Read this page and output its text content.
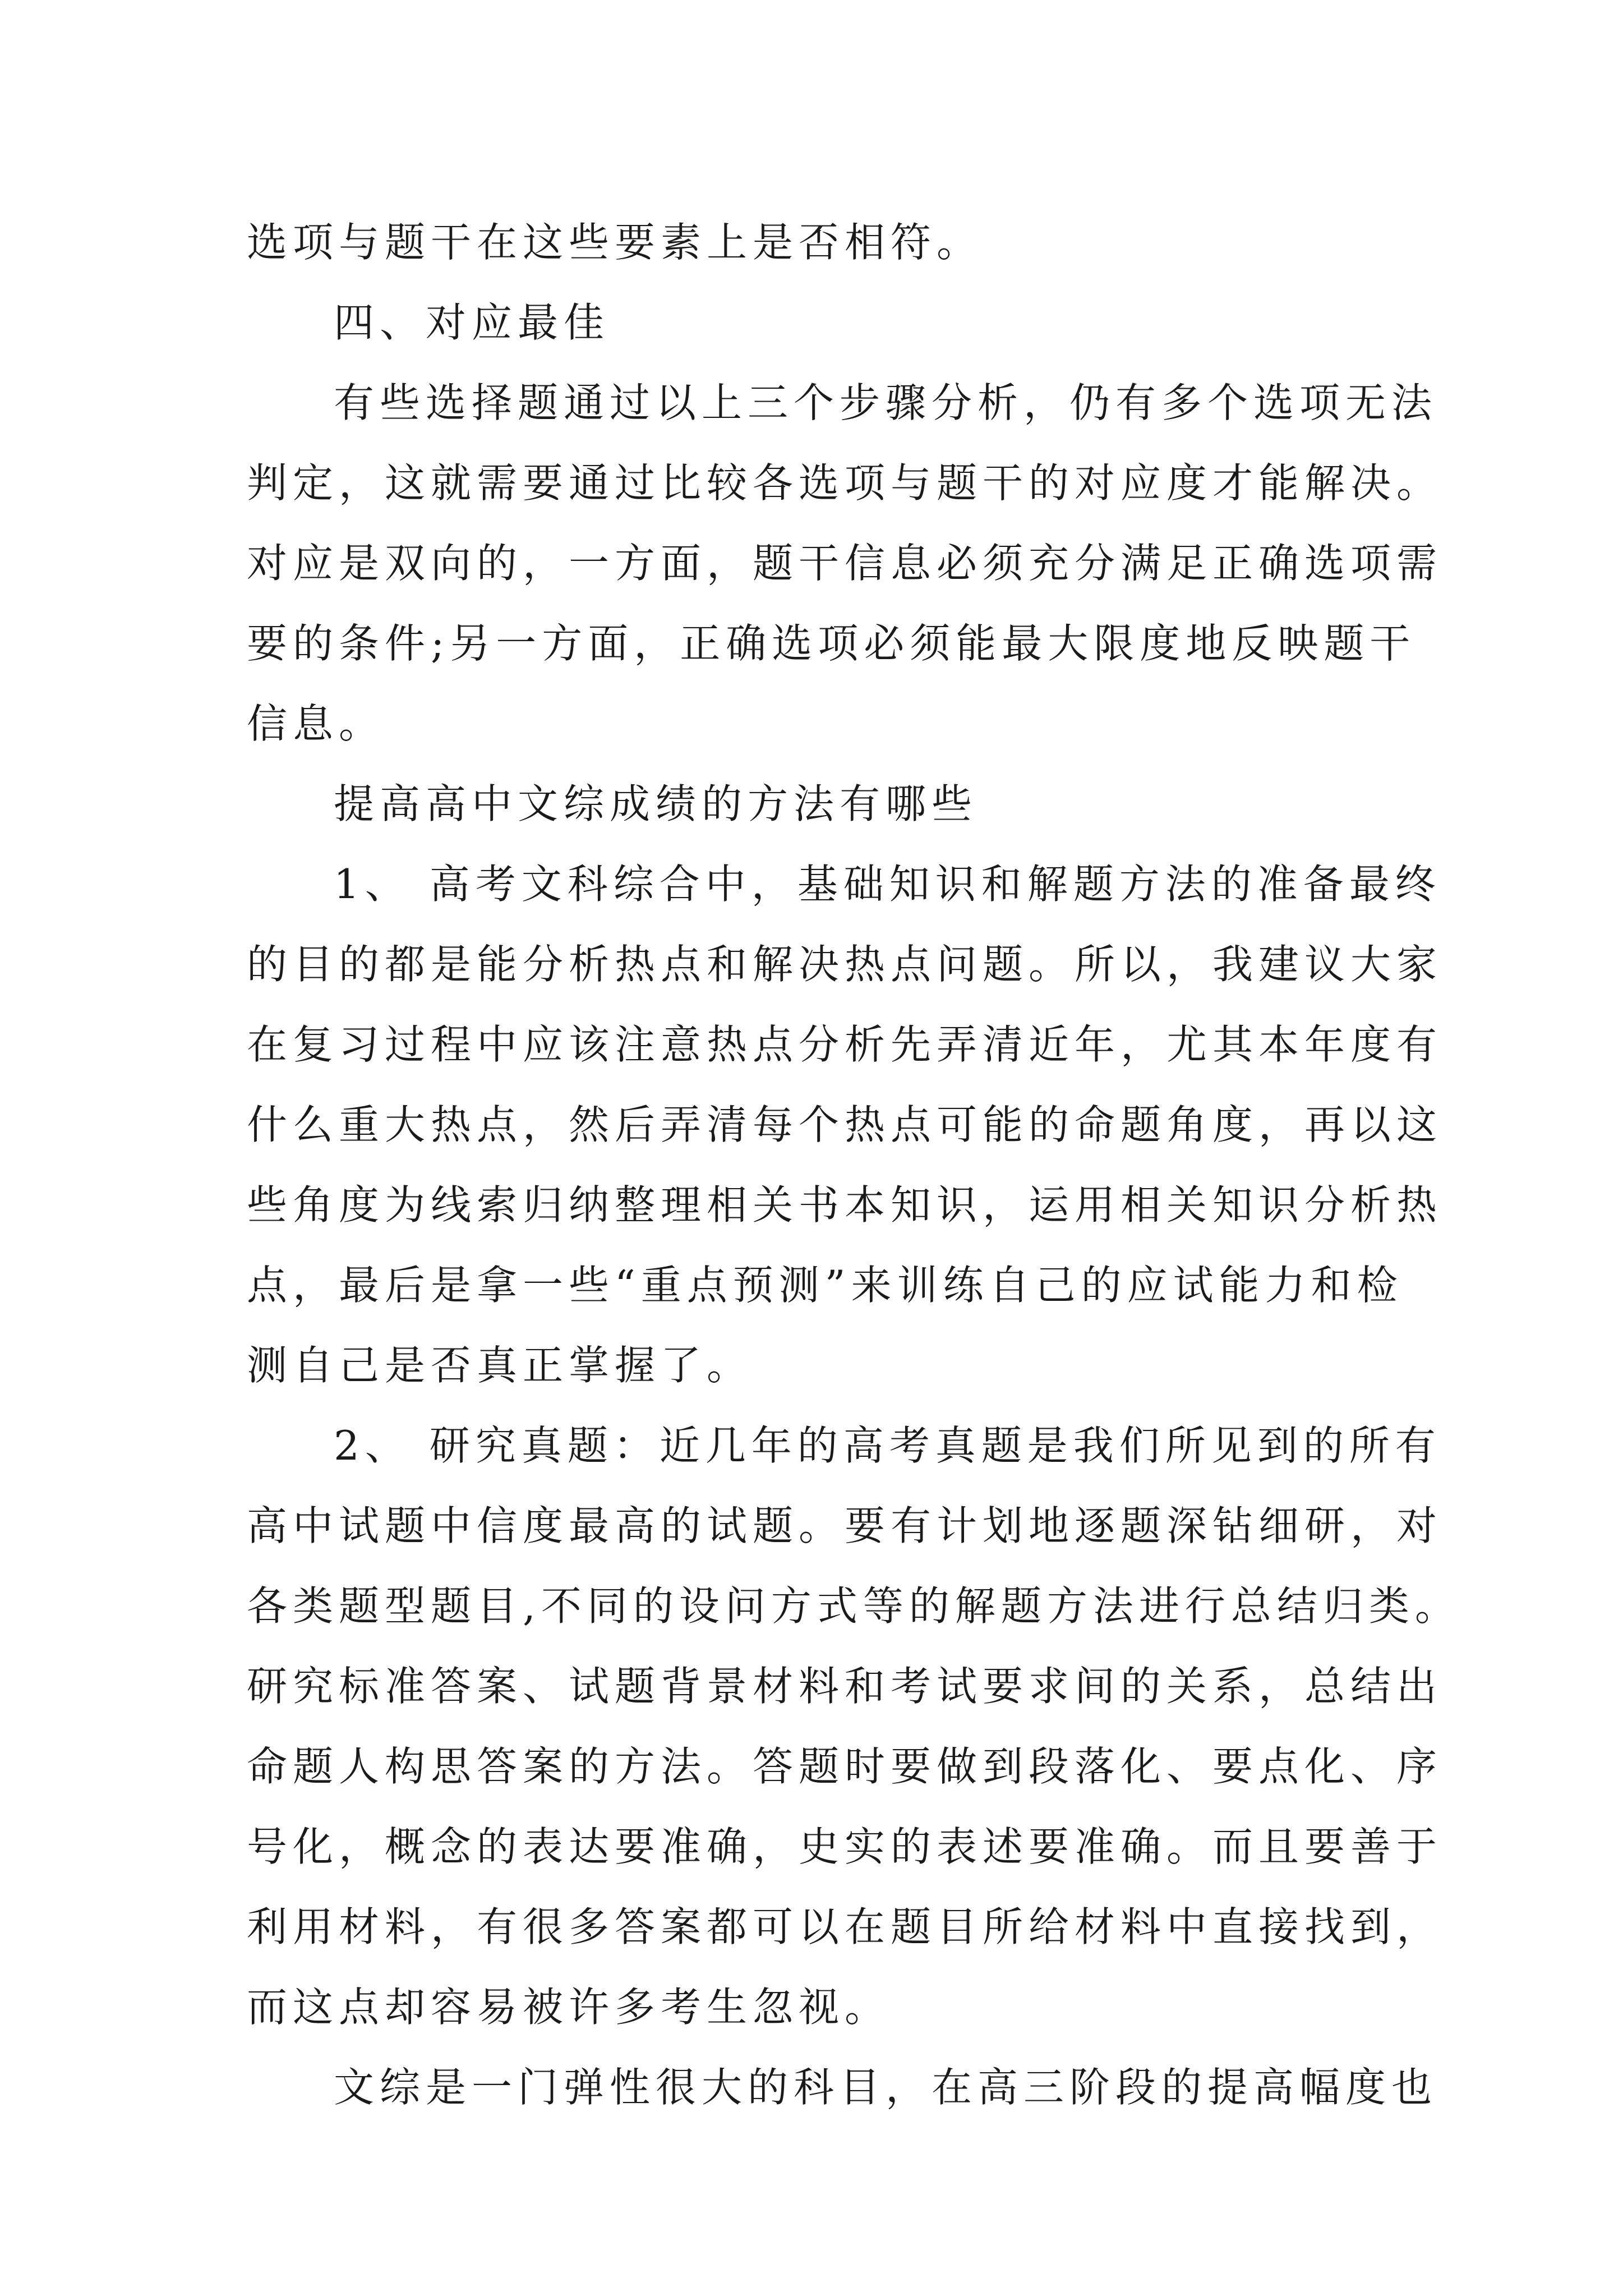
选项与题干在这些要素上是否相符。
四、对应最佳
有些选择题通过以上三个步骤分析，仍有多个选项无法
判定，这就需要通过比较各选项与题干的对应度才能解决。
对应是双向的，一方面，题干信息必须充分满足正确选项需
要的条件;另一方面，正确选项必须能最大限度地反映题干
信息。
提高高中文综成绩的方法有哪些
1、 高考文科综合中，基础知识和解题方法的准备最终
的目的都是能分析热点和解决热点问题。所以，我建议大家
在复习过程中应该注意热点分析先弄清近年，尤其本年度有
什么重大热点，然后弄清每个热点可能的命题角度，再以这
些角度为线索归纳整理相关书本知识，运用相关知识分析热
点，最后是拿一些“重点预测”来训练自己的应试能力和检
测自己是否真正掌握了。
2、 研究真题：近几年的高考真题是我们所见到的所有
高中试题中信度最高的试题。要有计划地逐题深钻细研，对
各类题型题目,不同的设问方式等的解题方法进行总结归类。
研究标准答案、试题背景材料和考试要求间的关系，总结出
命题人构思答案的方法。答题时要做到段落化、要点化、序
号化，概念的表达要准确，史实的表述要准确。而且要善于
利用材料，有很多答案都可以在题目所给材料中直接找到，
而这点却容易被许多考生忽视。
文综是一门弹性很大的科目，在高三阶段的提高幅度也
